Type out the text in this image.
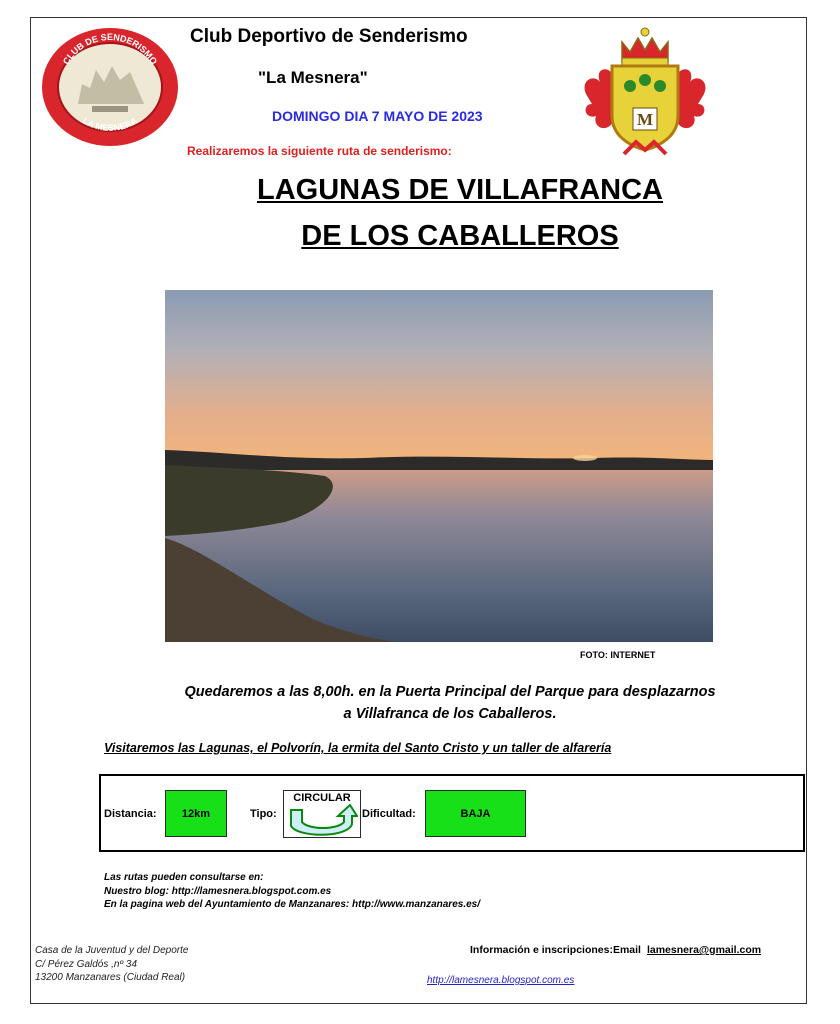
CLUB DE SENDERISMO
LA MESNERA
Club Deportivo de Senderismo
"La Mesnera"
DOMINGO DIA 7 MAYO DE 2023
Realizaremos la siguiente ruta de senderismo:
M
LAGUNAS DE VILLAFRANCA
DE LOS CABALLEROS
FOTO: INTERNET
Quedaremos a las 8,00h. en la Puerta Principal del Parque para desplazarnos
a Villafranca de los Caballeros.
Visitaremos las Lagunas, el Polvorín, la ermita del Santo Cristo y un taller de alfarería
Distancia: 12km	Tipo:
CIRCULAR
Dificultad:	BAJA
Las rutas pueden consultarse en:
Nuestro blog: http://lamesnera.blogspot.com.es
En la pagina web del Ayuntamiento de Manzanares: http://www.manzanares.es/
Casa de la Juventud y del Deporte
C/ Pérez Galdós ,nº 34
13200 Manzanares (Ciudad Real)
Información e inscripciones:Email lamesnera@gmail.com
http://lamesnera.blogspot.com.es
